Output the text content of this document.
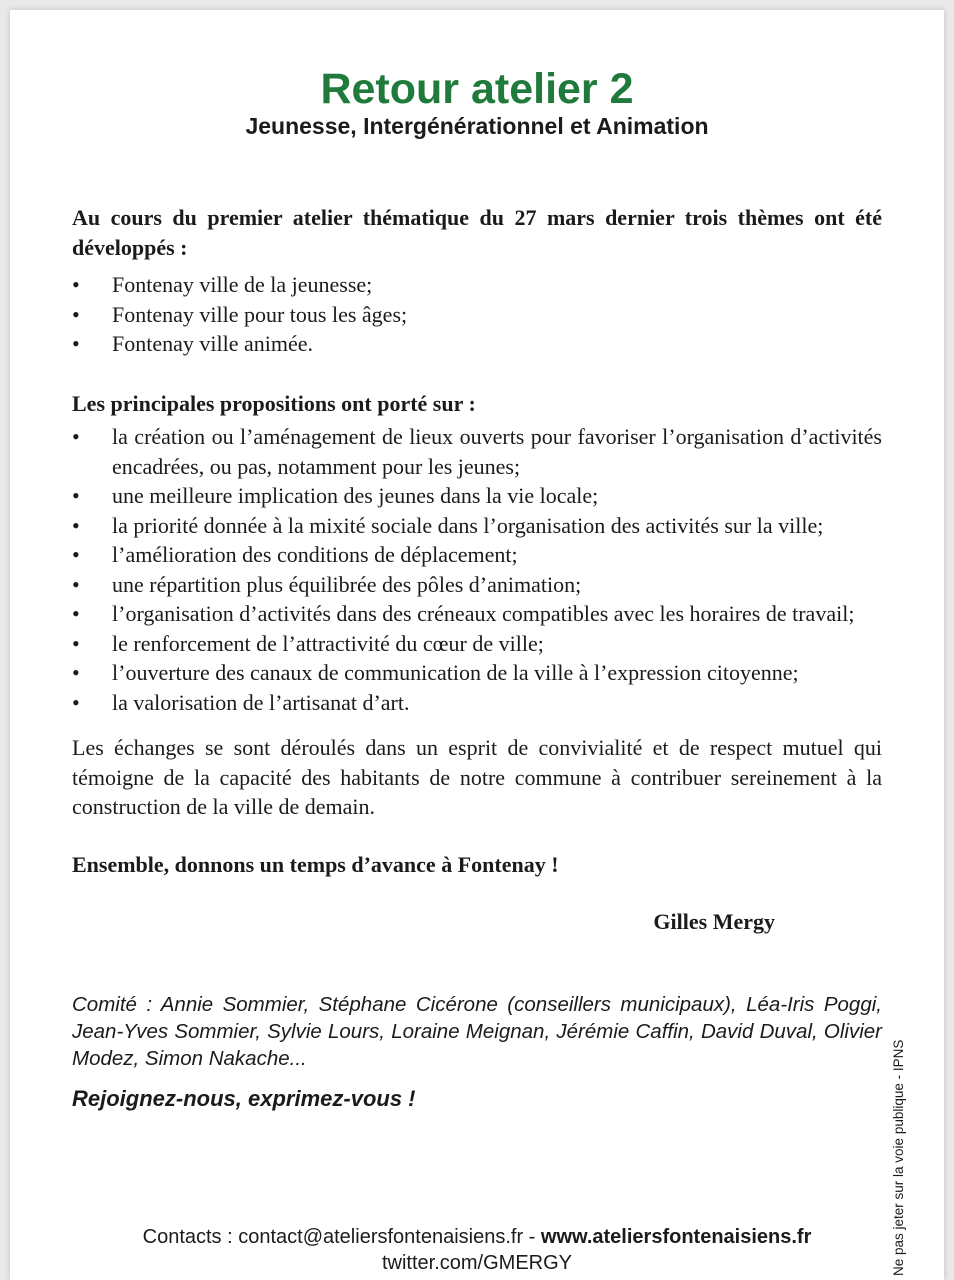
Retour atelier 2
Jeunesse, Intergénérationnel et Animation

Au cours du premier atelier thématique du 27 mars dernier trois thèmes ont été développés :

•	Fontenay ville de la jeunesse;
•	Fontenay ville pour tous les âges;
•	Fontenay ville animée.

Les principales propositions ont porté sur :

•	la création ou l’aménagement de lieux ouverts pour favoriser l’organisation d’activités encadrées, ou pas, notamment pour les jeunes;
•	une meilleure implication des jeunes dans la vie locale;
•	la priorité donnée à la mixité sociale dans l’organisation des activités sur la ville;
•	l’amélioration des conditions de déplacement;
•	une répartition plus équilibrée des pôles d’animation;
•	l’organisation d’activités dans des créneaux compatibles avec les horaires de travail;
•	le renforcement de l’attractivité du cœur de ville;
•	l’ouverture des canaux de communication de la ville à l’expression citoyenne;
•	la valorisation de l’artisanat d’art.

Les échanges se sont déroulés dans un esprit de convivialité et de respect mutuel qui témoigne de la capacité des habitants de notre commune à contribuer sereinement à la construction de la ville de demain.

Ensemble, donnons un temps d’avance à Fontenay !

Gilles Mergy

Comité : Annie Sommier, Stéphane Cicérone (conseillers municipaux), Léa-Iris Poggi, Jean-Yves Sommier, Sylvie Lours, Loraine Meignan, Jérémie Caffin, David Duval, Olivier Modez, Simon Nakache...

Rejoignez-nous, exprimez-vous !

Contacts : contact@ateliersfontenaisiens.fr - www.ateliersfontenaisiens.fr
twitter.com/GMERGY	Ne pas jeter sur la voie publique - IPNS
